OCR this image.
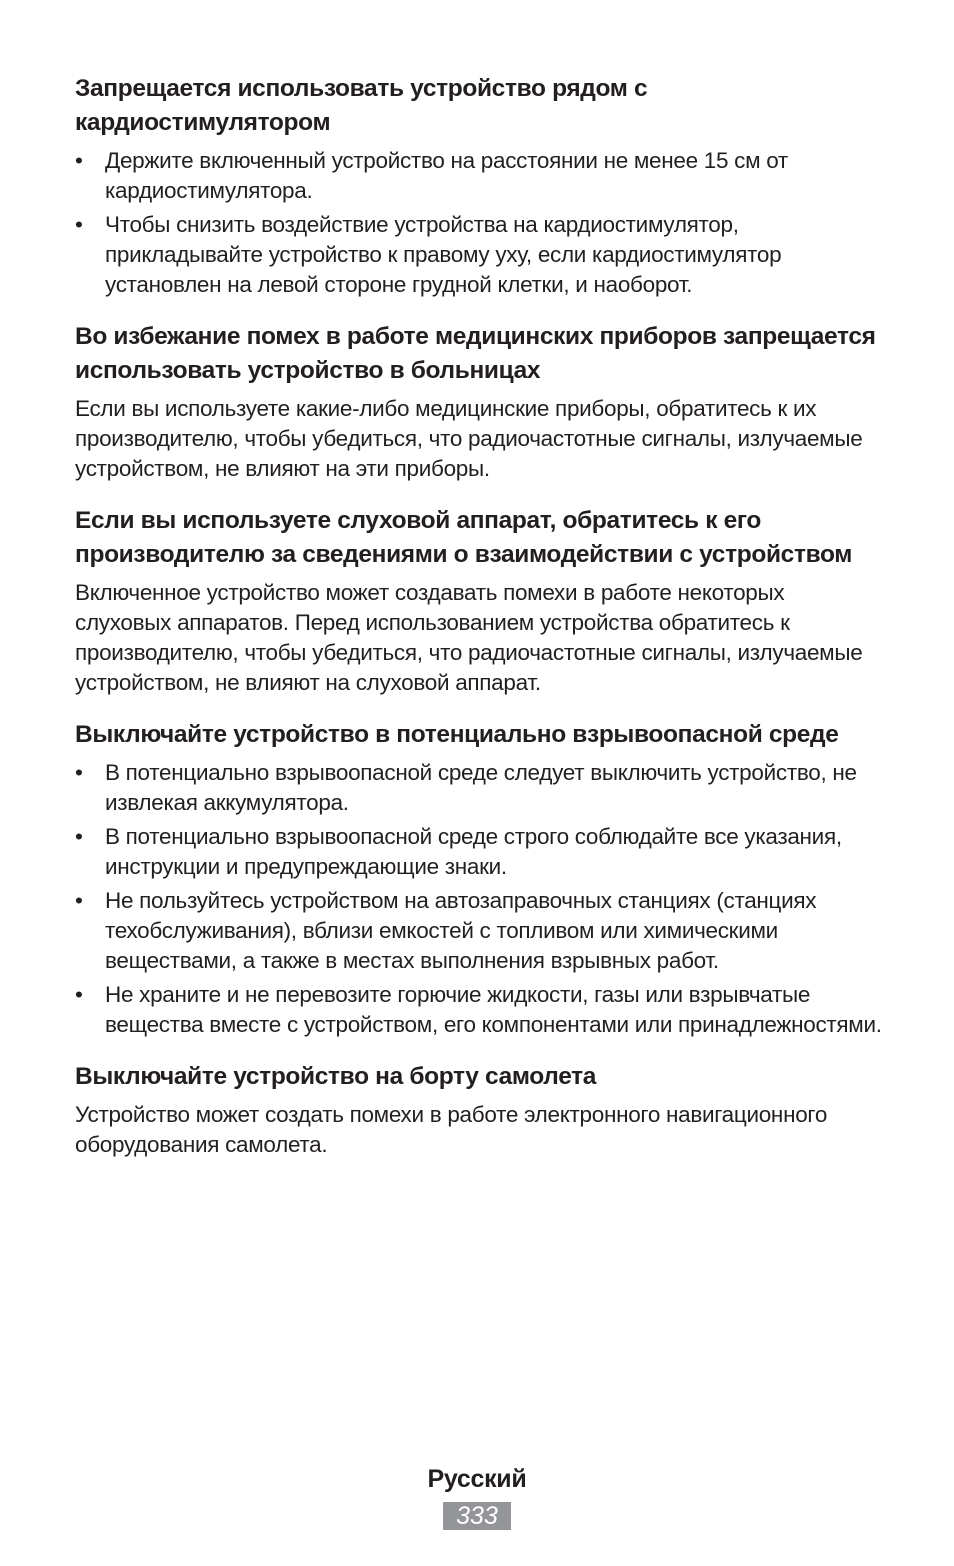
Запрещается использовать устройство рядом с кардиостимулятором
• Держите включенный устройство на расстоянии не менее 15 см от кардиостимулятора.
• Чтобы снизить воздействие устройства на кардиостимулятор, прикладывайте устройство к правому уху, если кардиостимулятор установлен на левой стороне грудной клетки, и наоборот.
Во избежание помех в работе медицинских приборов запрещается использовать устройство в больницах

Если вы используете какие-либо медицинские приборы, обратитесь к их производителю, чтобы убедиться, что радиочастотные сигналы, излучаемые устройством, не влияют на эти приборы.

Если вы используете слуховой аппарат, обратитесь к его производителю за сведениями о взаимодействии с устройством

Включенное устройство может создавать помехи в работе некоторых слуховых аппаратов. Перед использованием устройства обратитесь к производителю, чтобы убедиться, что радиочастотные сигналы, излучаемые устройством, не влияют на слуховой аппарат.

Выключайте устройство в потенциально взрывоопасной среде
• В потенциально взрывоопасной среде следует выключить устройство, не извлекая аккумулятора.
• В потенциально взрывоопасной среде строго соблюдайте все указания, инструкции и предупреждающие знаки.
• Не пользуйтесь устройством на автозаправочных станциях (станциях техобслуживания), вблизи емкостей с топливом или химическими веществами, а также в местах выполнения взрывных работ.
• Не храните и не перевозите горючие жидкости, газы или взрывчатые вещества вместе с устройством, его компонентами или принадлежностями.
Выключайте устройство на борту самолета

Устройство может создать помехи в работе электронного навигационного оборудования самолета.

Русский
333
